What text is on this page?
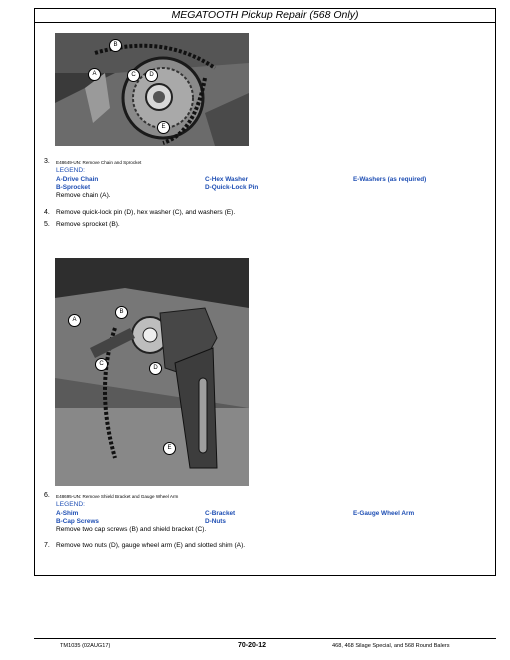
MEGATOOTH Pickup Repair (568 Only)
A
B
C	D
E
3. E48649-UN: Remove Chain and Sprocket
LEGEND:
A-Drive Chain
B-Sprocket
C-Hex Washer
D-Quick-Lock Pin
E-Washers (as required)
Remove chain (A).
4. Remove quick-lock pin (D), hex washer (C), and washers (E).
5. Remove sprocket (B).
A
B
C
D
E
6. E48695-UN: Remove Shield Bracket and Gauge Wheel Arm
LEGEND:
A-Shim
B-Cap Screws
C-Bracket
D-Nuts
E-Gauge Wheel Arm
Remove two cap screws (B) and shield bracket (C).
7. Remove two nuts (D), gauge wheel arm (E) and slotted shim (A).
TM1035 (02AUG17)	70-20-12	468, 468 Silage Special, and 568 Round Balers
